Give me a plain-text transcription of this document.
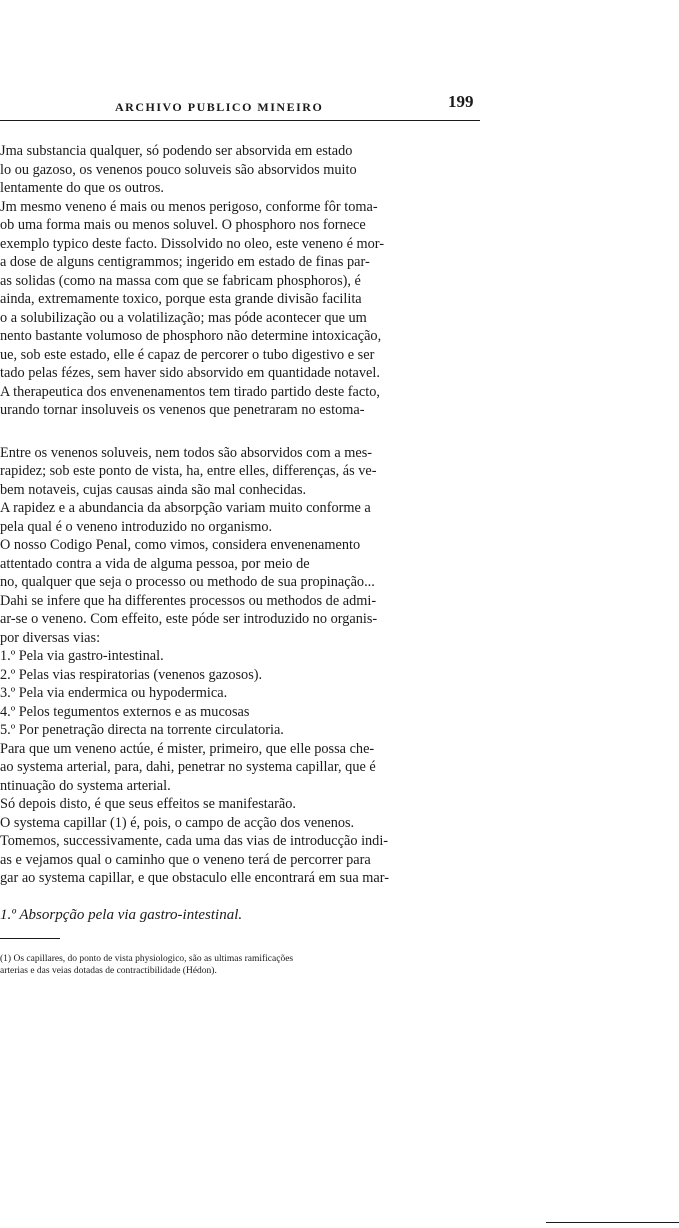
ARCHIVO PUBLICO MINEIRO	199
Jma substancia qualquer, só podendo ser absorvida em estado
lo ou gazoso, os venenos pouco soluveis são absorvidos muito
lentamente do que os outros.
Jm mesmo veneno é mais ou menos perigoso, conforme fôr toma-
ob uma forma mais ou menos soluvel. O phosphoro nos fornece
exemplo typico deste facto. Dissolvido no oleo, este veneno é mor-
a dose de alguns centigrammos; ingerido em estado de finas par-
as solidas (como na massa com que se fabricam phosphoros), é
ainda, extremamente toxico, porque esta grande divisão facilita
o a solubilização ou a volatilização; mas póde acontecer que um
nento bastante volumoso de phosphoro não determine intoxicação,
ue, sob este estado, elle é capaz de percorer o tubo digestivo e ser
tado pelas fézes, sem haver sido absorvido em quantidade notavel.
A therapeutica dos envenenamentos tem tirado partido deste facto,
urando tornar insoluveis os venenos que penetraram no estoma-
Entre os venenos soluveis, nem todos são absorvidos com a mes-
rapidez; sob este ponto de vista, ha, entre elles, differenças, ás ve-
bem notaveis, cujas causas ainda são mal conhecidas.
A rapidez e a abundancia da absorpção variam muito conforme a
pela qual é o veneno introduzido no organismo.
O nosso Codigo Penal, como vimos, considera envenenamento
attentado contra a vida de alguma pessoa, por meio de
no, qualquer que seja o processo ou methodo de sua propinação...
Dahi se infere que ha differentes processos ou methodos de admi-
ar-se o veneno. Com effeito, este póde ser introduzido no organis-
por diversas vias:
1.º Pela via gastro-intestinal.
2.º Pelas vias respiratorias (venenos gazosos).
3.º Pela via endermica ou hypodermica.
4.º Pelos tegumentos externos e as mucosas
5.º Por penetração directa na torrente circulatoria.
Para que um veneno actúe, é mister, primeiro, que elle possa che-
ao systema arterial, para, dahi, penetrar no systema capillar, que é
ntinuação do systema arterial.
Só depois disto, é que seus effeitos se manifestarão.
O systema capillar (1) é, pois, o campo de acção dos venenos.
Tomemos, successivamente, cada uma das vias de introducção indi-
as e vejamos qual o caminho que o veneno terá de percorrer para
gar ao systema capillar, e que obstaculo elle encontrará em sua mar-
1.º Absorpção pela via gastro-intestinal.
(1) Os capillares, do ponto de vista physiologico, são as ultimas ramificações
arterias e das veias dotadas de contractibilidade (Hédon).
